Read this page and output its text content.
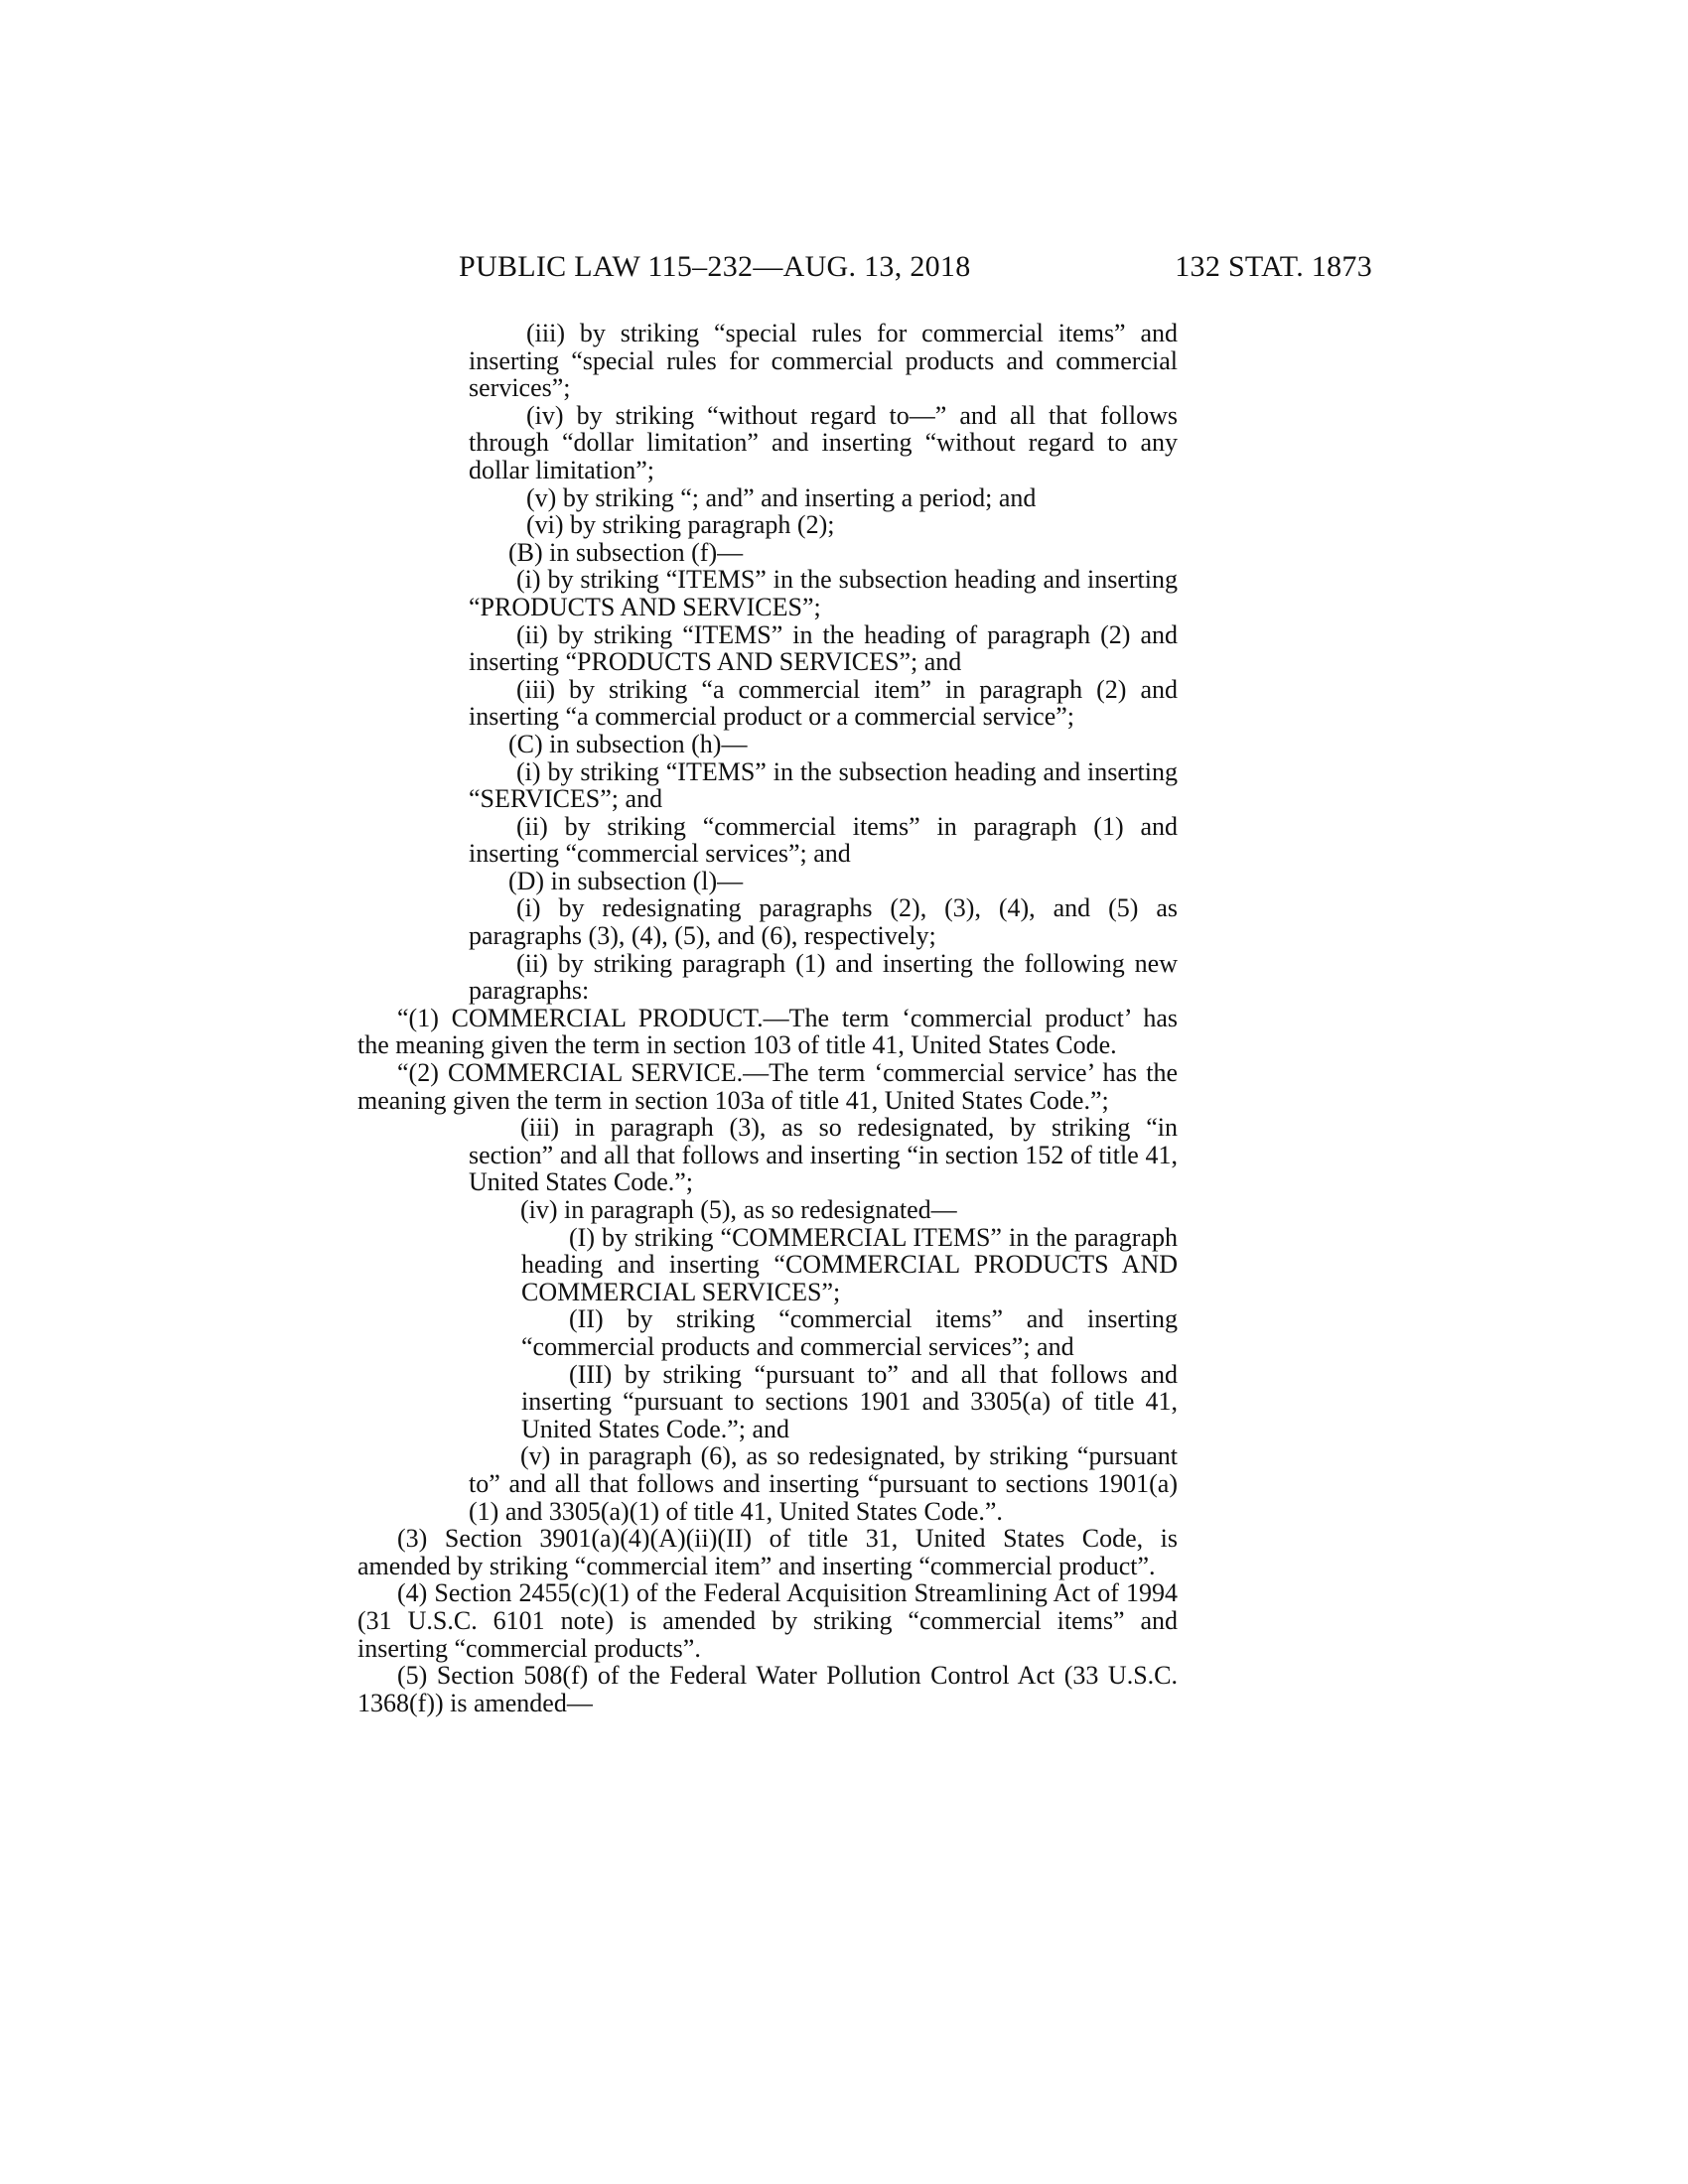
PUBLIC LAW 115–232—AUG. 13, 2018	132 STAT. 1873

(iii) by striking “special rules for commercial items” and inserting “special rules for commercial products and commercial services”;

(iv) by striking “without regard to—” and all that follows through “dollar limitation” and inserting “without regard to any dollar limitation”;

(v) by striking “; and” and inserting a period; and

(vi) by striking paragraph (2);

(B) in subsection (f)—

(i) by striking “ITEMS” in the subsection heading and inserting “PRODUCTS AND SERVICES”;

(ii) by striking “ITEMS” in the heading of paragraph (2) and inserting “PRODUCTS AND SERVICES”; and

(iii) by striking “a commercial item” in paragraph (2) and inserting “a commercial product or a commercial service”;

(C) in subsection (h)—

(i) by striking “ITEMS” in the subsection heading and inserting “SERVICES”; and

(ii) by striking “commercial items” in paragraph (1) and inserting “commercial services”; and

(D) in subsection (l)—

(i) by redesignating paragraphs (2), (3), (4), and (5) as paragraphs (3), (4), (5), and (6), respectively;

(ii) by striking paragraph (1) and inserting the following new paragraphs:

“(1) COMMERCIAL PRODUCT.—The term ‘commercial product’ has the meaning given the term in section 103 of title 41, United States Code.

“(2) COMMERCIAL SERVICE.—The term ‘commercial service’ has the meaning given the term in section 103a of title 41, United States Code.”;

(iii) in paragraph (3), as so redesignated, by striking “in section” and all that follows and inserting “in section 152 of title 41, United States Code.”;

(iv) in paragraph (5), as so redesignated—

(I) by striking “COMMERCIAL ITEMS” in the paragraph heading and inserting “COMMERCIAL PRODUCTS AND COMMERCIAL SERVICES”;

(II) by striking “commercial items” and inserting “commercial products and commercial services”; and

(III) by striking “pursuant to” and all that follows and inserting “pursuant to sections 1901 and 3305(a) of title 41, United States Code.”; and

(v) in paragraph (6), as so redesignated, by striking “pursuant to” and all that follows and inserting “pursuant to sections 1901(a)(1) and 3305(a)(1) of title 41, United States Code.”.

(3) Section 3901(a)(4)(A)(ii)(II) of title 31, United States Code, is amended by striking “commercial item” and inserting “commercial product”.

(4) Section 2455(c)(1) of the Federal Acquisition Streamlining Act of 1994 (31 U.S.C. 6101 note) is amended by striking “commercial items” and inserting “commercial products”.

(5) Section 508(f) of the Federal Water Pollution Control Act (33 U.S.C. 1368(f)) is amended—
